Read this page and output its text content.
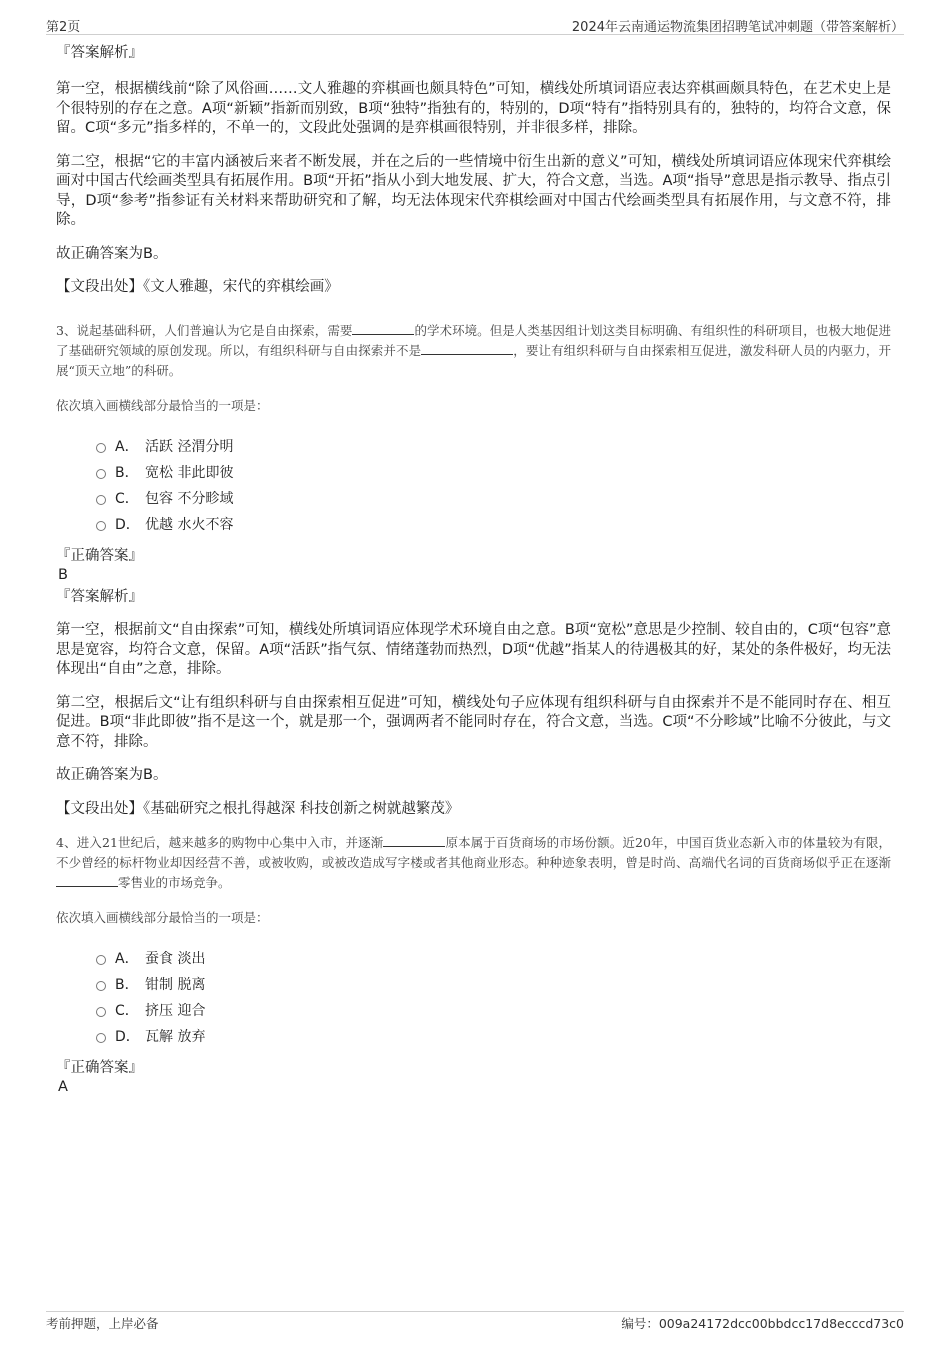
第2页	2024年云南通运物流集团招聘笔试冲刺题（带答案解析）

『答案解析』

第一空，根据横线前“除了风俗画……文人雅趣的弈棋画也颇具特色”可知，横线处所填词语应表达弈棋画颇具特色，在艺术史上是个很特别的存在之意。A项“新颖”指新而别致，B项“独特”指独有的，特别的，D项“特有”指特别具有的，独特的，均符合文意，保留。C项“多元”指多样的，不单一的，文段此处强调的是弈棋画很特别，并非很多样，排除。

第二空，根据“它的丰富内涵被后来者不断发展，并在之后的一些情境中衍生出新的意义”可知，横线处所填词语应体现宋代弈棋绘画对中国古代绘画类型具有拓展作用。B项“开拓”指从小到大地发展、扩大，符合文意，当选。A项“指导”意思是指示教导、指点引导，D项“参考”指参证有关材料来帮助研究和了解，均无法体现宋代弈棋绘画对中国古代绘画类型具有拓展作用，与文意不符，排除。

故正确答案为B。

【文段出处】《文人雅趣，宋代的弈棋绘画》

3、说起基础科研，人们普遍认为它是自由探索，需要	的学术环境。但是人类基因组计划这类目标明确、有组织性的科研项目，也极大地促进了基础研究领域的原创发现。所以，有组织科研与自由探索并不是	，要让有组织科研与自由探索相互促进，激发科研人员的内驱力，开展“顶天立地”的科研。

依次填入画横线部分最恰当的一项是：

A． 活跃 泾渭分明
B． 宽松 非此即彼
C． 包容 不分畛域
D． 优越 水火不容

『正确答案』

B

『答案解析』

第一空，根据前文“自由探索”可知，横线处所填词语应体现学术环境自由之意。B项“宽松”意思是少控制、较自由的，C项“包容”意思是宽容，均符合文意，保留。A项“活跃”指气氛、情绪蓬勃而热烈，D项“优越”指某人的待遇极其的好，某处的条件极好，均无法体现出“自由”之意，排除。

第二空，根据后文“让有组织科研与自由探索相互促进”可知，横线处句子应体现有组织科研与自由探索并不是不能同时存在、相互促进。B项“非此即彼”指不是这一个，就是那一个，强调两者不能同时存在，符合文意，当选。C项“不分畛域”比喻不分彼此，与文意不符，排除。

故正确答案为B。

【文段出处】《基础研究之根扎得越深 科技创新之树就越繁茂》

4、进入21世纪后，越来越多的购物中心集中入市，并逐渐	原本属于百货商场的市场份额。近20年，中国百货业态新入市的体量较为有限，不少曾经的标杆物业却因经营不善，或被收购，或被改造成写字楼或者其他商业形态。种种迹象表明，曾是时尚、高端代名词的百货商场似乎正在逐渐零售业的市场竞争。

依次填入画横线部分最恰当的一项是：

A． 蚕食 淡出
B． 钳制 脱离
C． 挤压 迎合
D． 瓦解 放弃

『正确答案』

A

考前押题，上岸必备	编号：009a24172dcc00bbdcc17d8ecccd73c0
